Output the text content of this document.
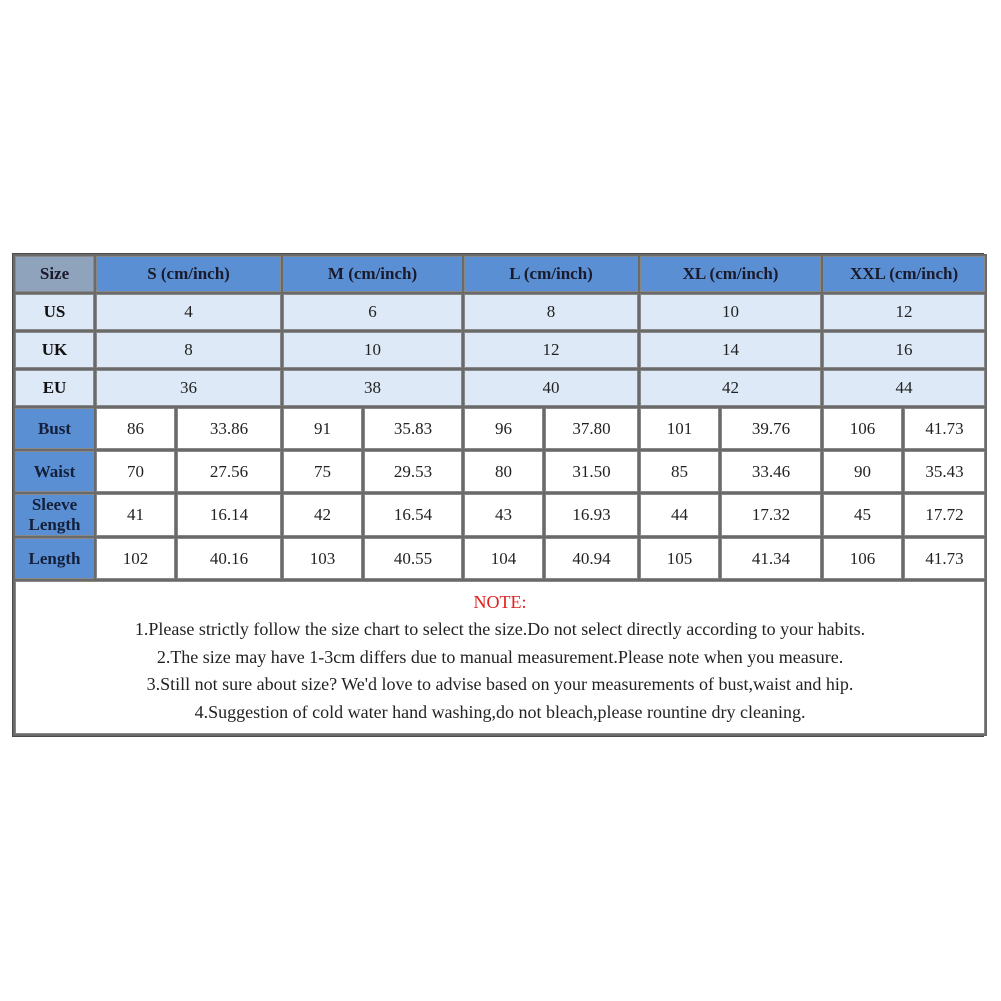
Size	S (cm/inch)		M (cm/inch)		L (cm/inch)		XL (cm/inch)		XXL (cm/inch)	
US	4		6		8		10		12	
UK	8		10		12		14		16	
EU	36		38		40		42		44	
Bust	86	33.86	91	35.83	96	37.80	101	39.76	106	41.73
Waist	70	27.56	75	29.53	80	31.50	85	33.46	90	35.43
Sleeve Length	41	16.14	42	16.54	43	16.93	44	17.32	45	17.72
Length	102	40.16	103	40.55	104	40.94	105	41.34	106	41.73

NOTE:
1.Please strictly follow the size chart to select the size.Do not select directly according to your habits.
2.The size may have 1-3cm differs due to manual measurement.Please note when you measure.
3.Still not sure about size? We'd love to advise based on your measurements of bust,waist and hip.
4.Suggestion of cold water hand washing,do not bleach,please rountine dry cleaning.										
